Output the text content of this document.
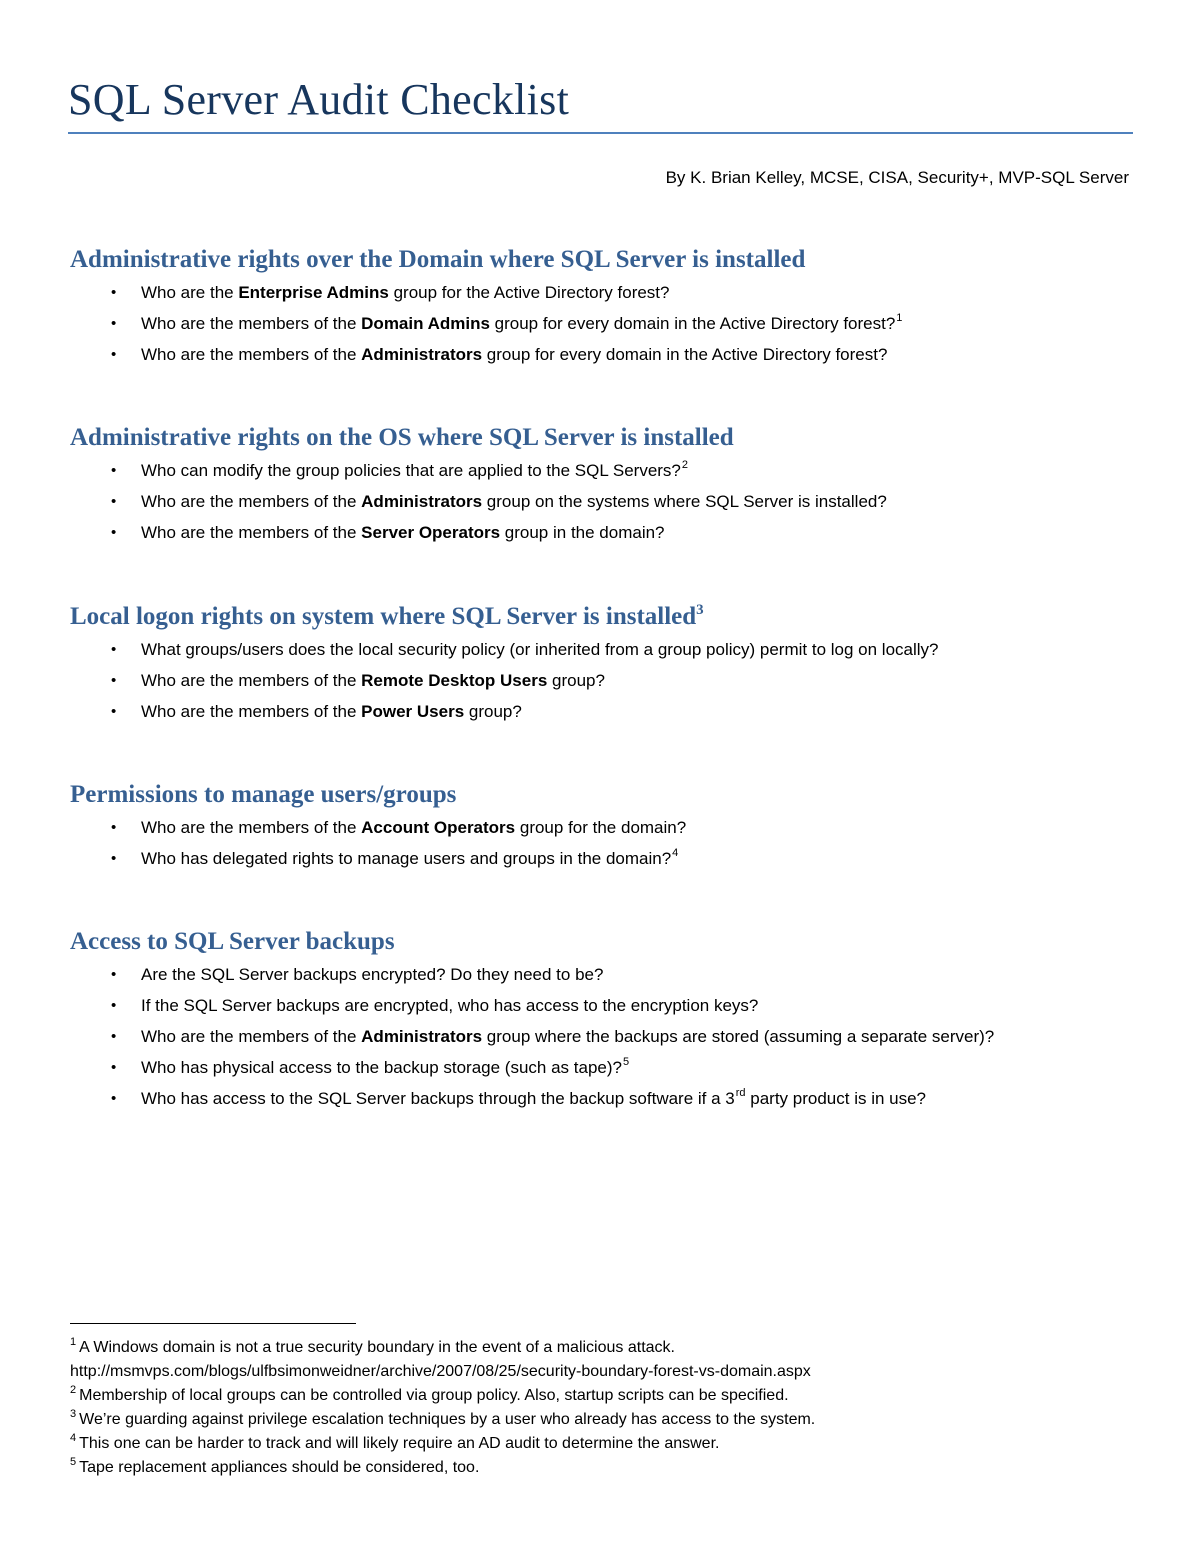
SQL Server Audit Checklist
By K. Brian Kelley, MCSE, CISA, Security+, MVP-SQL Server
Administrative rights over the Domain where SQL Server is installed
• Who are the Enterprise Admins group for the Active Directory forest?
• Who are the members of the Domain Admins group for every domain in the Active Directory forest?$^1$
• Who are the members of the Administrators group for every domain in the Active Directory forest?
Administrative rights on the OS where SQL Server is installed
• Who can modify the group policies that are applied to the SQL Servers?$^2$
• Who are the members of the Administrators group on the systems where SQL Server is installed?
• Who are the members of the Server Operators group in the domain?
Local logon rights on system where SQL Server is installed$^3$
• What groups/users does the local security policy (or inherited from a group policy) permit to log on locally?
• Who are the members of the Remote Desktop Users group?
• Who are the members of the Power Users group?
Permissions to manage users/groups
• Who are the members of the Account Operators group for the domain?
• Who has delegated rights to manage users and groups in the domain?$^4$
Access to SQL Server backups
• Are the SQL Server backups encrypted? Do they need to be?
• If the SQL Server backups are encrypted, who has access to the encryption keys?
• Who are the members of the Administrators group where the backups are stored (assuming a separate server)?
• Who has physical access to the backup storage (such as tape)?$^5$
• Who has access to the SQL Server backups through the backup software if a 3rd party product is in use?
$^1$ A Windows domain is not a true security boundary in the event of a malicious attack.
http://msmvps.com/blogs/ulfbsimonweidner/archive/2007/08/25/security-boundary-forest-vs-domain.aspx
$^2$ Membership of local groups can be controlled via group policy. Also, startup scripts can be specified.
$^3$ We’re guarding against privilege escalation techniques by a user who already has access to the system.
$^4$ This one can be harder to track and will likely require an AD audit to determine the answer.
$^5$ Tape replacement appliances should be considered, too.
